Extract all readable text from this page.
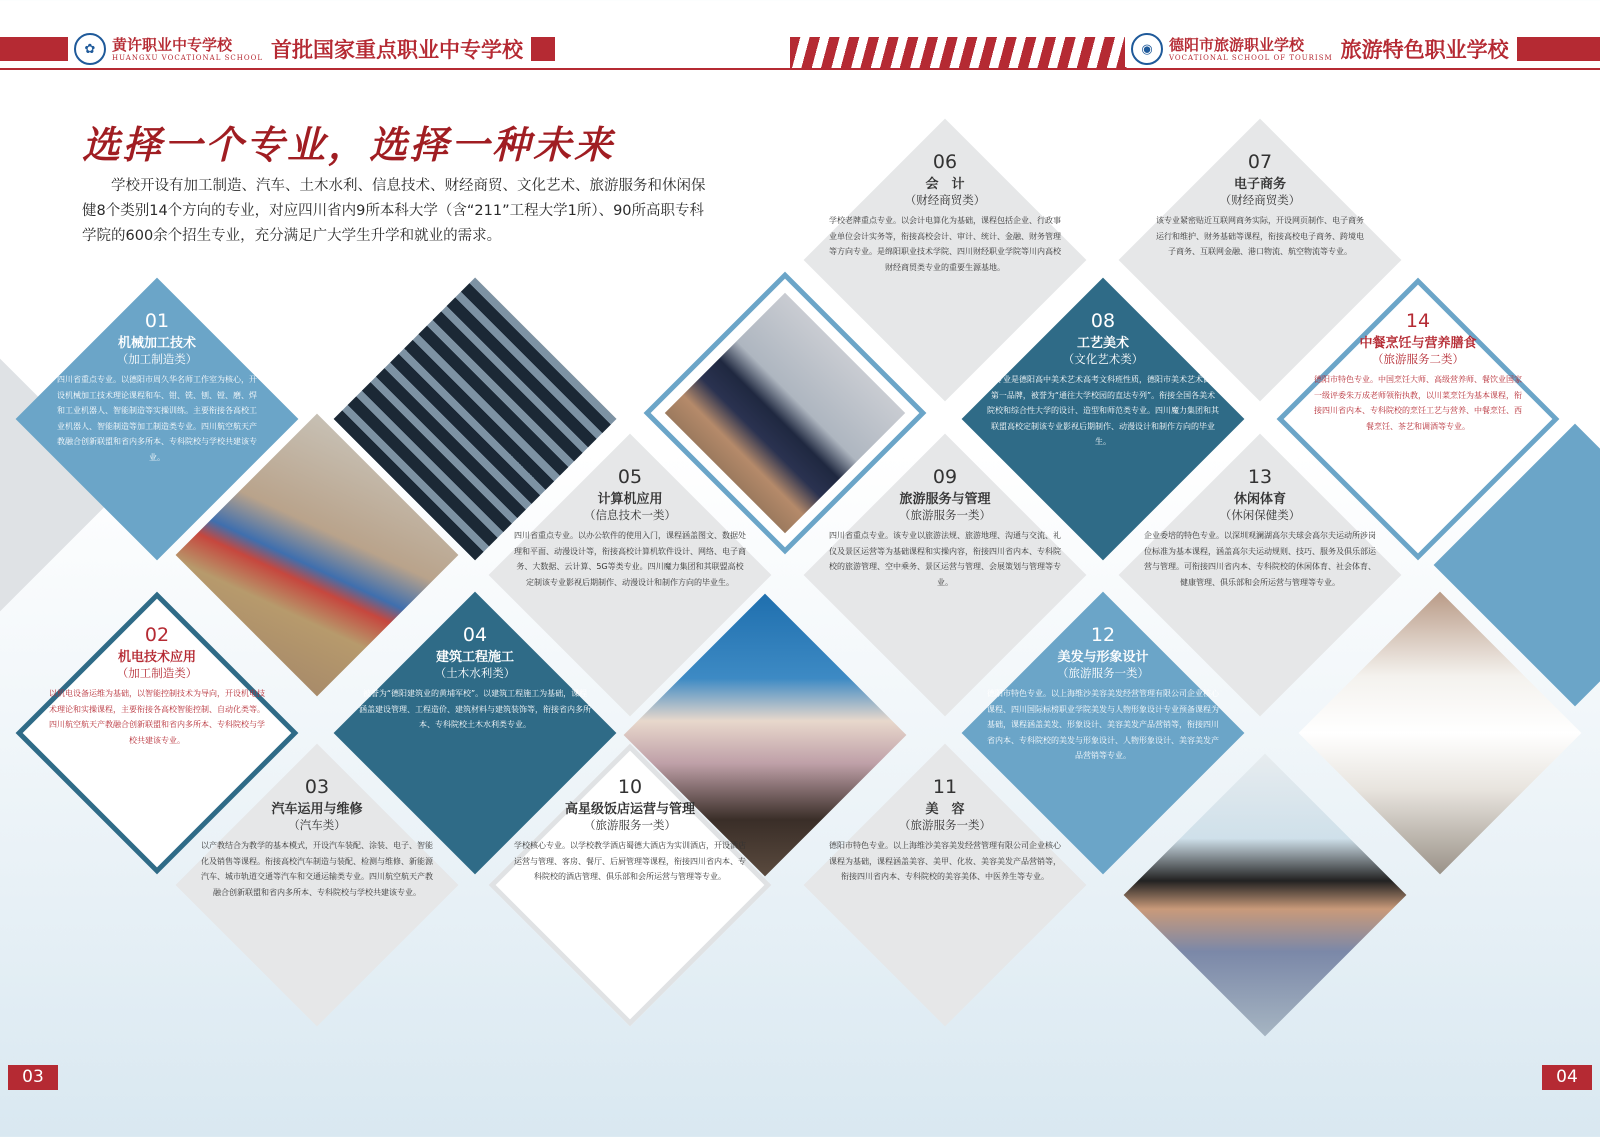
✿	黄许职业中专学校
HUANGXU VOCATIONAL SCHOOL 首批国家重点职业中专学校	◉	德阳市旅游职业学校
VOCATIONAL SCHOOL OF TOURISM 旅游特色职业学校
选择一个专业，选择一种未来
学校开设有加工制造、汽车、土木水利、信息技术、财经商贸、文化艺术、旅游服务和休闲保健8个类别14个方向的专业，对应四川省内9所本科大学（含“211”工程大学1所）、90所高职专科学院的600余个招生专业，充分满足广大学生升学和就业的需求。
01
机械加工技术
（加工制造类）
四川省重点专业。以德阳市周久华名师工作室为核心，开设机械加工技术理论课程和车、钳、铣、刨、镗、磨、焊和工业机器人、智能制造等实操训练。主要衔接各高校工业机器人、智能制造等加工制造类专业。四川航空航天产教融合创新联盟和省内多所本、专科院校与学校共建该专业。
02
机电技术应用
（加工制造类）
以机电设备运维为基础，以智能控制技术为导向，开设机电技术理论和实操课程，主要衔接各高校智能控制、自动化类等。四川航空航天产教融合创新联盟和省内多所本、专科院校与学校共建该专业。
03
汽车运用与维修
（汽车类）
以产教结合为教学的基本模式，开设汽车装配、涂装、电子、智能化及销售等课程。衔接高校汽车制造与装配、检测与维修、新能源汽车、城市轨道交通等汽车和交通运输类专业。四川航空航天产教融合创新联盟和省内多所本、专科院校与学校共建该专业。
04
建筑工程施工
（土木水利类）
被誉为“德阳建筑业的黄埔军校”。以建筑工程施工为基础，课程涵盖建设管理、工程造价、建筑材料与建筑装饰等，衔接省内多所本、专科院校土木水利类专业。
05
计算机应用
（信息技术一类）
四川省重点专业。以办公软件的使用入门，课程涵盖图文、数据处理和平面、动漫设计等，衔接高校计算机软件设计、网络、电子商务、大数据、云计算、5G等类专业。四川魔力集团和其联盟高校定制该专业影视后期制作、动漫设计和制作方向的毕业生。
06
会　计
（财经商贸类）
学校老牌重点专业。以会计电算化为基础，课程包括企业、行政事业单位会计实务等，衔接高校会计、审计、统计、金融、财务管理等方向专业。是绵阳职业技术学院、四川财经职业学院等川内高校财经商贸类专业的重要生源基地。
07
电子商务
（财经商贸类）
该专业紧密贴近互联网商务实际，开设网页制作、电子商务运行和维护、财务基础等课程，衔接高校电子商务、跨境电子商务、互联网金融、港口物流、航空物流等专业。
08
工艺美术
（文化艺术类）
该专业是德阳高中美术艺术高考文科班性质，德阳市美术艺术高考第一品牌，被誉为“通往大学校园的直达专列”。衔接全国各美术院校和综合性大学的设计、造型和师范类专业。四川魔力集团和其联盟高校定制该专业影视后期制作、动漫设计和制作方向的毕业生。
09
旅游服务与管理
（旅游服务一类）
四川省重点专业。该专业以旅游法规、旅游地理、沟通与交流、礼仪及景区运营等为基础课程和实操内容，衔接四川省内本、专科院校的旅游管理、空中乘务、景区运营与管理、会展策划与管理等专业。
10
高星级饭店运营与管理
（旅游服务一类）
学校核心专业。以学校教学酒店蜀德大酒店为实训酒店，开设酒店运营与管理、客房、餐厅、后厨管理等课程，衔接四川省内本、专科院校的酒店管理、俱乐部和会所运营与管理等专业。
11
美　容
（旅游服务一类）
德阳市特色专业。以上海维沙美容美发经营管理有限公司企业核心课程为基础，课程涵盖美容、美甲、化妆、美容美发产品营销等，衔接四川省内本、专科院校的美容美体、中医养生等专业。
12
美发与形象设计
（旅游服务一类）
德阳市特色专业。以上海维沙美容美发经营管理有限公司企业核心课程、四川国际标榜职业学院美发与人物形象设计专业预备课程为基础，课程涵盖美发、形象设计、美容美发产品营销等，衔接四川省内本、专科院校的美发与形象设计、人物形象设计、美容美发产品营销等专业。
13
休闲体育
（休闲保健类）
企业委培的特色专业。以深圳观澜湖高尔夫球会高尔夫运动所涉岗位标准为基本课程，涵盖高尔夫运动规则、技巧、服务及俱乐部运营与管理。可衔接四川省内本、专科院校的休闲体育、社会体育、健康管理、俱乐部和会所运营与管理等专业。
14
中餐烹饪与营养膳食
（旅游服务二类）
德阳市特色专业。中国烹饪大师、高级营养师、餐饮业国家一级评委朱万成老师领衔执教，以川菜烹饪为基本课程，衔接四川省内本、专科院校的烹饪工艺与营养、中餐烹饪、西餐烹饪、茶艺和调酒等专业。
03	04
